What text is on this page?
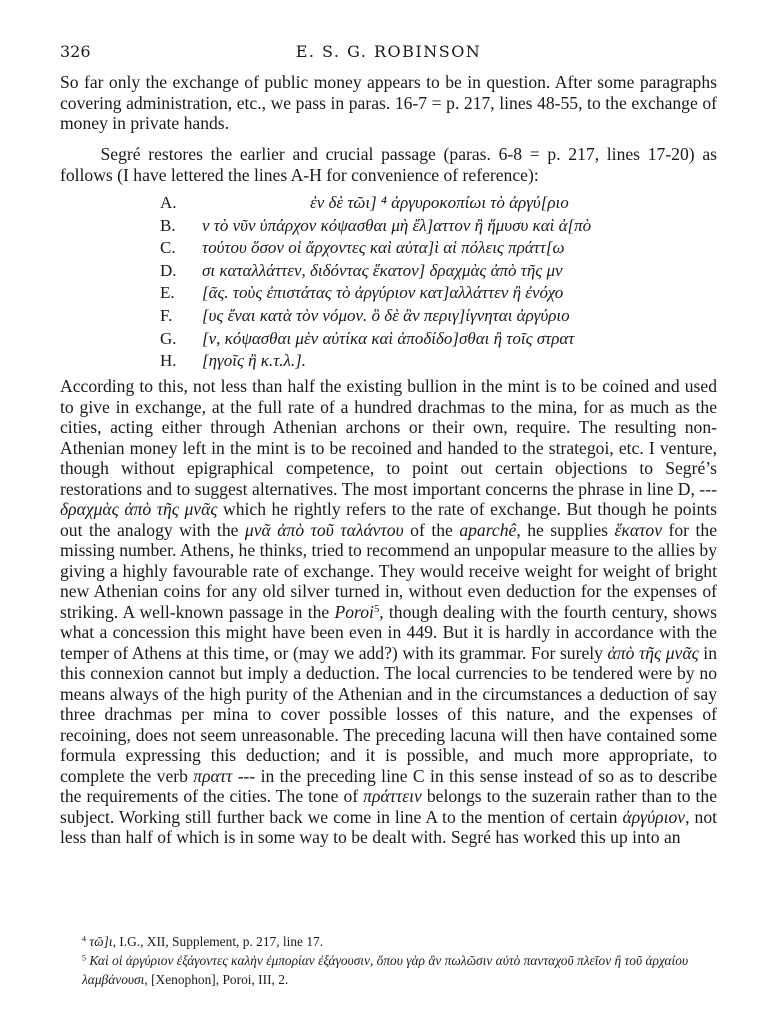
326	E. S. G. ROBINSON

So far only the exchange of public money appears to be in question. After some paragraphs covering administration, etc., we pass in paras. 16-7 = p. 217, lines 48-55, to the exchange of money in private hands.

Segré restores the earlier and crucial passage (paras. 6-8 = p. 217, lines 17-20) as follows (I have lettered the lines A-H for convenience of reference):

A.	ἐν δὲ τῶι] ⁴ ἀργυροκοπίωι τὸ ἀργύ[ριο
B. ν τὸ νῦν ὑπάρχον κόψασθαι μὴ ἔλ]αττον ἢ ἥμυσυ καὶ ἀ[πὸ
C. τούτου ὅσον οἱ ἄρχοντες καὶ αὐτα]ὶ αἱ πόλεις πράττ[ω
D. σι καταλλάττεν, διδόντας ἕκατον] δραχμὰς ἀπὸ τῆς μν
E. [ᾶς. τοὺς ἐπιστάτας τὸ ἀργύριον κατ]αλλάττεν ἢ ἐνόχο
F. [υς ἔναι κατὰ τὸν νόμον. ὃ δὲ ἂν περιγ]ίγνηται ἀργύριο
G. [ν, κόψασθαι μὲν αὐτίκα καὶ ἀποδίδο]σθαι ἢ τοῖς στρατ
H. [ηγοῖς ἢ κ.τ.λ.].

According to this, not less than half the existing bullion in the mint is to be coined and used to give in exchange, at the full rate of a hundred drachmas to the mina, for as much as the cities, acting either through Athenian archons or their own, require. The resulting non-Athenian money left in the mint is to be recoined and handed to the strategoi, etc. I venture, though without epigraphical competence, to point out certain objections to Segré’s restorations and to suggest alternatives. The most important concerns the phrase in line D, --- δραχμὰς ἀπὸ τῆς μνᾶς which he rightly refers to the rate of exchange. But though he points out the analogy with the μνᾶ ἀπὸ τοῦ ταλάντου of the aparchê, he supplies ἕκατον for the missing number. Athens, he thinks, tried to recommend an unpopular measure to the allies by giving a highly favourable rate of exchange. They would receive weight for weight of bright new Athenian coins for any old silver turned in, without even deduction for the expenses of striking. A well-known passage in the Poroi$^5$, though dealing with the fourth century, shows what a concession this might have been even in 449. But it is hardly in accordance with the temper of Athens at this time, or (may we add?) with its grammar. For surely ἀπὸ τῆς μνᾶς in this connexion cannot but imply a deduction. The local currencies to be tendered were by no means always of the high purity of the Athenian and in the circumstances a deduction of say three drachmas per mina to cover possible losses of this nature, and the expenses of recoining, does not seem unreasonable. The preceding lacuna will then have contained some formula expressing this deduction; and it is possible, and much more appropriate, to complete the verb πραττ --- in the preceding line C in this sense instead of so as to describe the requirements of the cities. The tone of πράττειν belongs to the suzerain rather than to the subject. Working still further back we come in line A to the mention of certain ἀργύριον, not less than half of which is in some way to be dealt with. Segré has worked this up into an

$^4$ τῶ]ι, I.G., XII, Supplement, p. 217, line 17.

$^5$ Καὶ οἱ ἀργύριον ἐξάγοντες καλὴν ἐμπορίαν ἐξάγουσιν, ὅπου γὰρ ἂν πωλῶσιν αὐτὸ πανταχοῦ πλεῖον ἢ τοῦ ἀρχαίου λαμβάνουσι, [Xenophon], Poroi, III, 2.
